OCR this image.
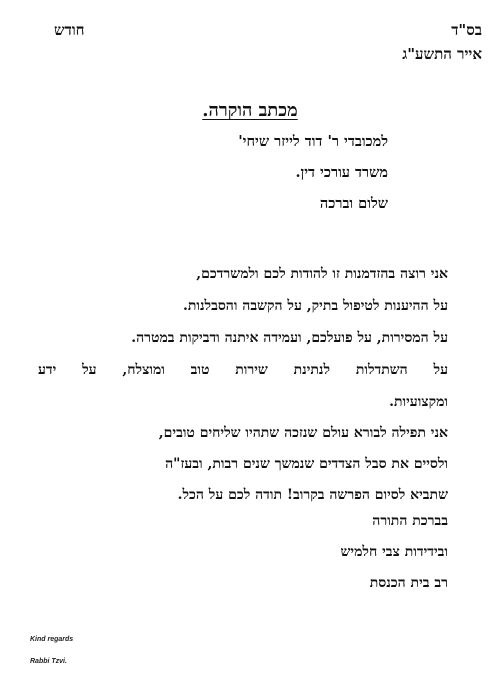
בס"ד
אייר התשע"ג
חודש
מכתב הוקרה.
למכובדי ר' דוד לייזר שיחי'
משרד עורכי דין.
שלום וברכה
אני רוצה בהזדמנות זו להודות לכם ולמשרדכם,
על ההיענות לטיפול בתיק, על הקשבה והסבלנות.
על המסירות, על פועלכם, ועמידה איתנה ודביקות במטרה.
על השתדלות לנתינת שירות טוב ומוצלח, על ידע
ומקצועיות.
אני תפילה לבורא עולם שנזכה שתהיו שליחים טובים,
ולסיים את סבל הצדדים שנמשך שנים רבות, ובעז"ה
שתביא לסיום הפרשה בקרוב! תודה לכם על הכל.
בברכת התורה
ובידידות צבי חלמיש
רב בית הכנסת
Kind regards
Rabbi Tzvi.
